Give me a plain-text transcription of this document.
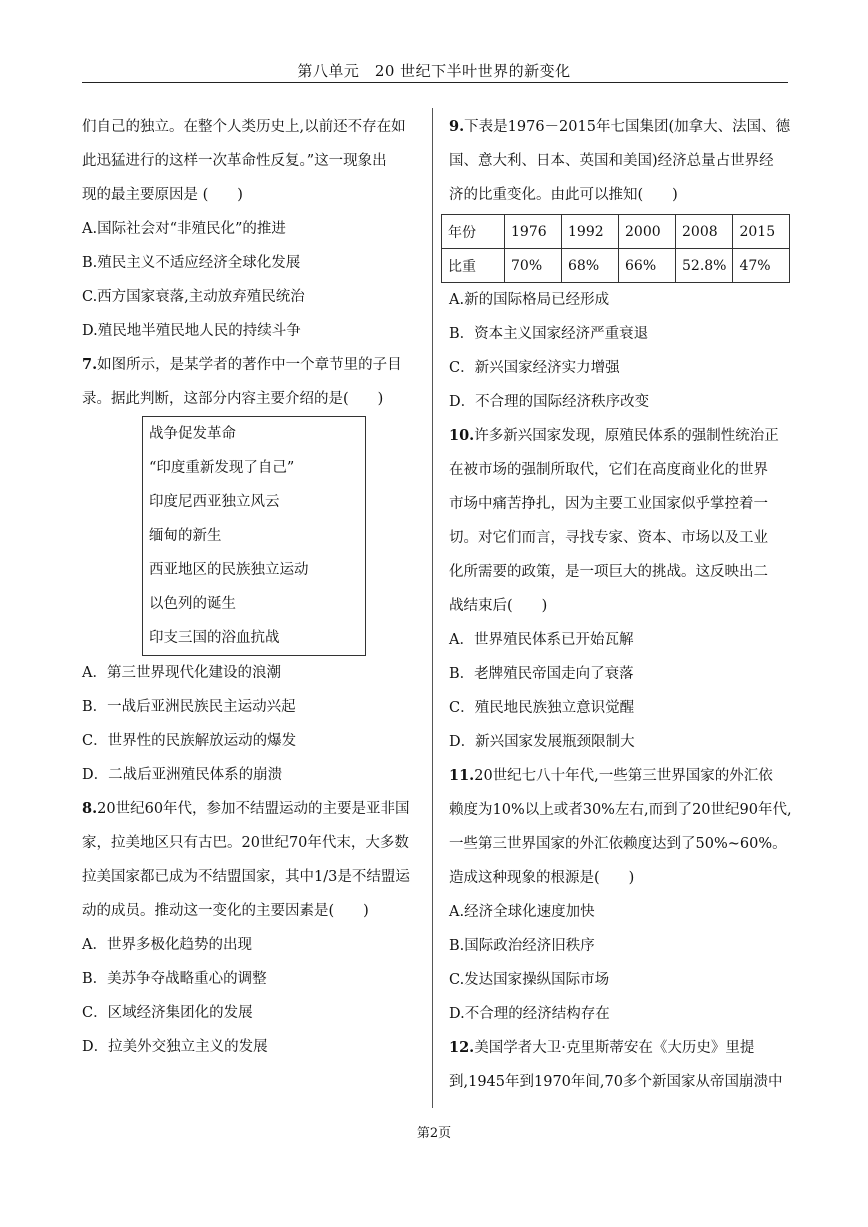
第八单元　20 世纪下半叶世界的新变化
们自己的独立。在整个人类历史上,以前还不存在如
此迅猛进行的这样一次革命性反复。”这一现象出
现的最主要原因是 (　　)
A.国际社会对“非殖民化”的推进
B.殖民主义不适应经济全球化发展
C.西方国家衰落,主动放弃殖民统治
D.殖民地半殖民地人民的持续斗争
7.如图所示，是某学者的著作中一个章节里的子目
录。据此判断，这部分内容主要介绍的是(　　)
战争促发革命
“印度重新发现了自己”
印度尼西亚独立风云
缅甸的新生
西亚地区的民族独立运动
以色列的诞生
印支三国的浴血抗战
A．第三世界现代化建设的浪潮
B．一战后亚洲民族民主运动兴起
C．世界性的民族解放运动的爆发
D．二战后亚洲殖民体系的崩溃
8.20世纪60年代，参加不结盟运动的主要是亚非国
家，拉美地区只有古巴。20世纪70年代末，大多数
拉美国家都已成为不结盟国家，其中1/3是不结盟运
动的成员。推动这一变化的主要因素是(　　)
A．世界多极化趋势的出现
B．美苏争夺战略重心的调整
C．区域经济集团化的发展
D．拉美外交独立主义的发展
9.下表是1976－2015年七国集团(加拿大、法国、德
国、意大利、日本、英国和美国)经济总量占世界经
济的比重变化。由此可以推知(　　)
年份	1976	1992	2000	2008	2015
比重	70%	68%	66%	52.8%	47%
A.新的国际格局已经形成
B．资本主义国家经济严重衰退
C．新兴国家经济实力增强
D．不合理的国际经济秩序改变
10.许多新兴国家发现，原殖民体系的强制性统治正
在被市场的强制所取代，它们在高度商业化的世界
市场中痛苦挣扎，因为主要工业国家似乎掌控着一
切。对它们而言，寻找专家、资本、市场以及工业
化所需要的政策，是一项巨大的挑战。这反映出二
战结束后(　　)
A．世界殖民体系已开始瓦解
B．老牌殖民帝国走向了衰落
C．殖民地民族独立意识觉醒
D．新兴国家发展瓶颈限制大
11.20世纪七八十年代,一些第三世界国家的外汇依
赖度为10%以上或者30%左右,而到了20世纪90年代,
一些第三世界国家的外汇依赖度达到了50%~60%。
造成这种现象的根源是(　　)
A.经济全球化速度加快
B.国际政治经济旧秩序
C.发达国家操纵国际市场
D.不合理的经济结构存在
12.美国学者大卫·克里斯蒂安在《大历史》里提
到,1945年到1970年间,70多个新国家从帝国崩溃中
第2页
